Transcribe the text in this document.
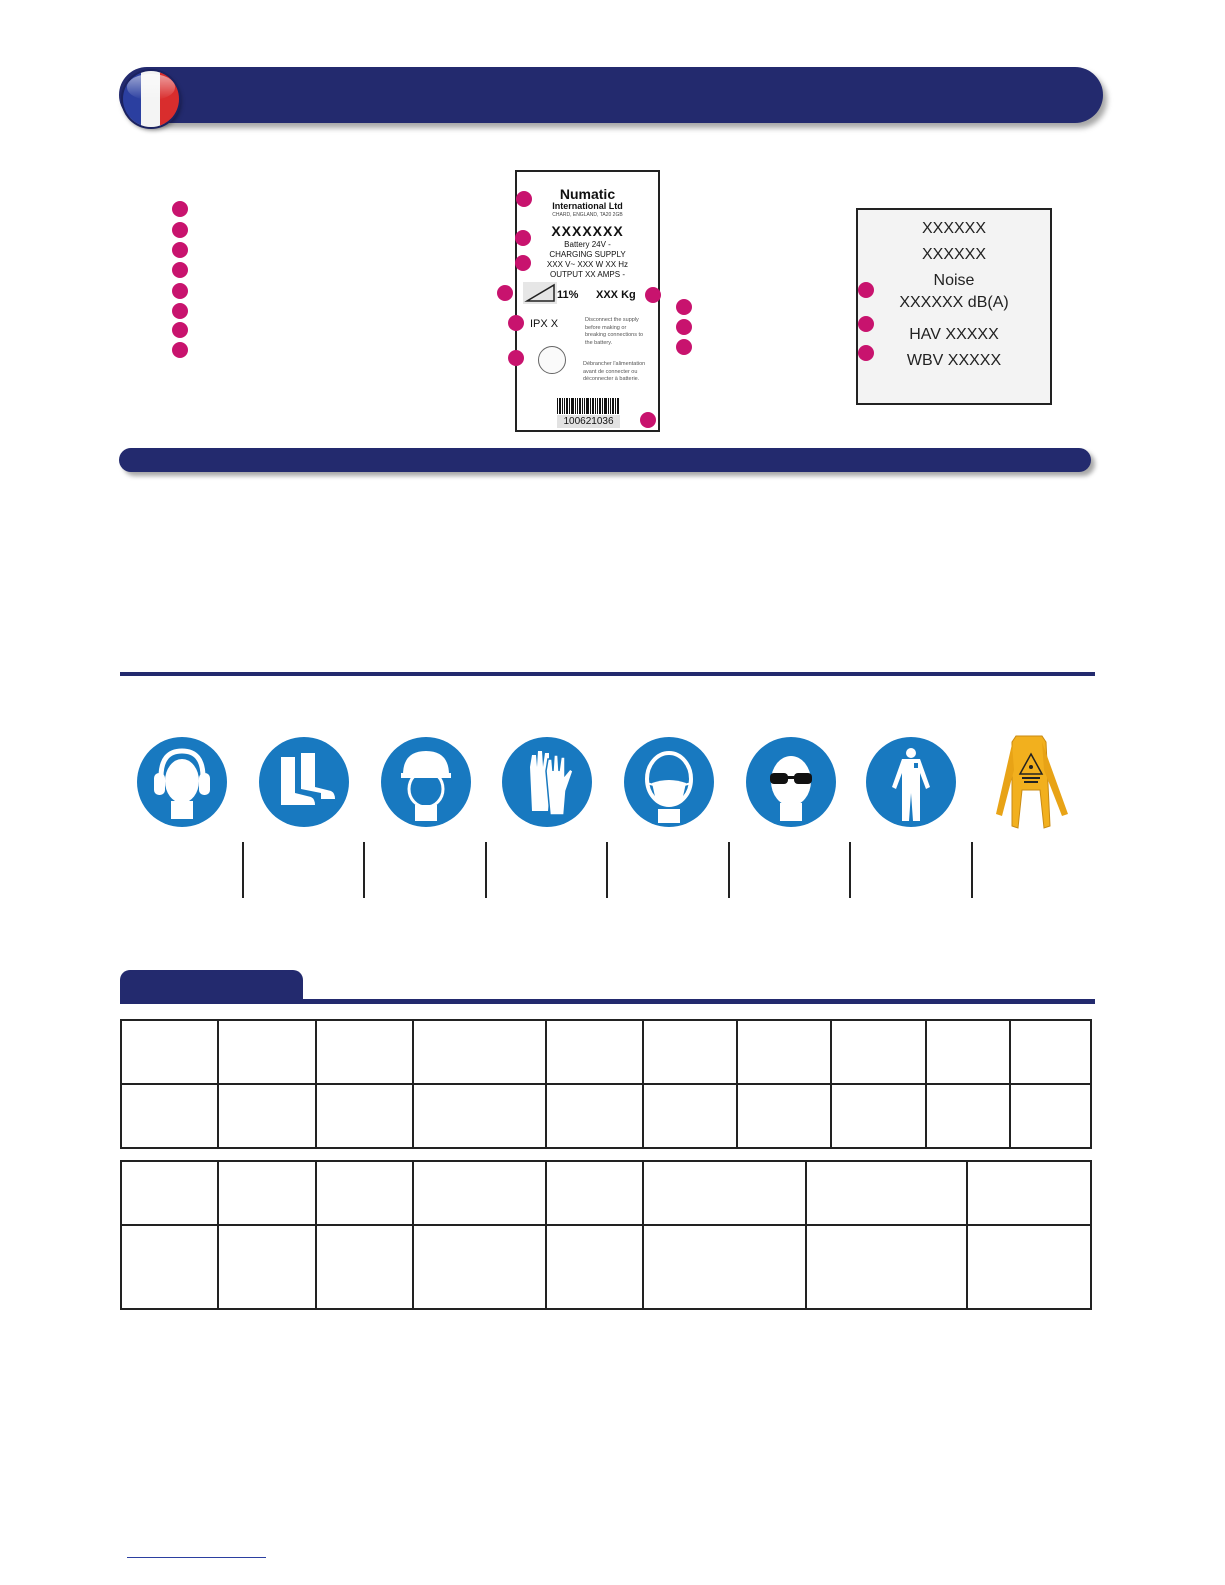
Numatic
International Ltd
CHARD, ENGLAND, TA20 2GB
XXXXXXX
Battery 24V -
CHARGING SUPPLY
XXX V~ XXX W XX Hz
OUTPUT XX AMPS -
11% XXX Kg
IPX X	Disconnect the supply before making or breaking connections to the battery.
Débrancher l'alimentation avant de connecter ou déconnecter à batterie.
100621036
XXXXXX
XXXXXX
Noise
XXXXXX dB(A)
HAV XXXXX
WBV XXXXX
